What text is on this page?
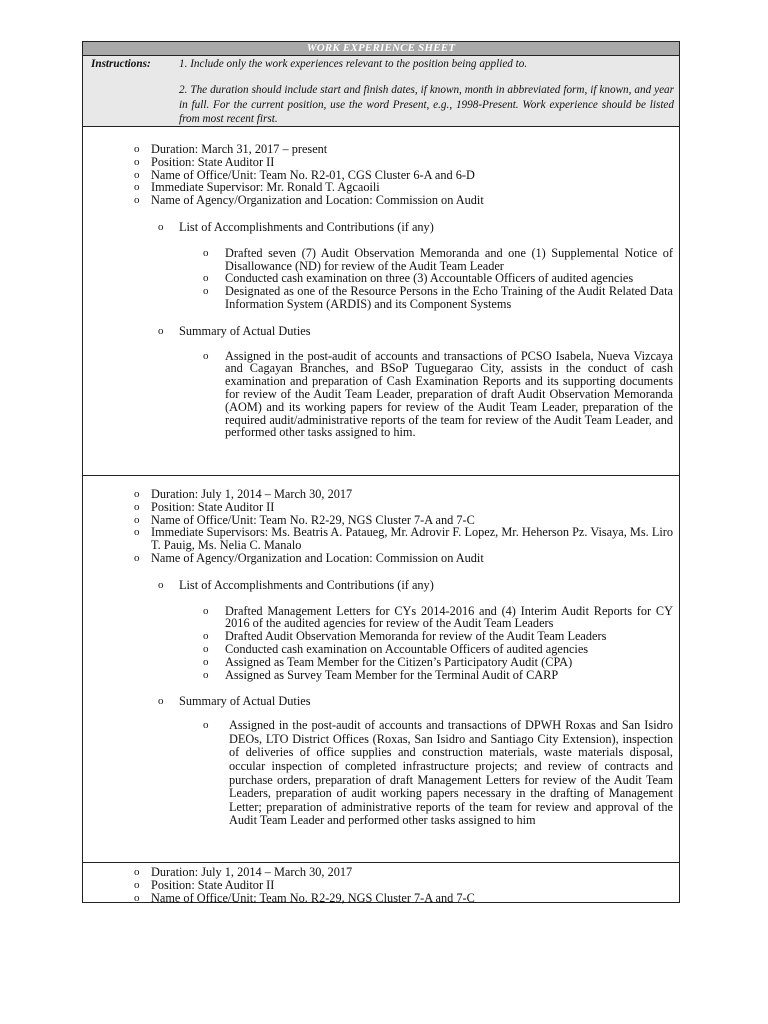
WORK EXPERIENCE SHEET
Instructions:	1. Include only the work experiences relevant to the position being applied to.
2. The duration should include start and finish dates, if known, month in abbreviated form, if known, and year in full. For the current position, use the word Present, e.g., 1998-Present. Work experience should be listed from most recent first.
o Duration: March 31, 2017 – present
o Position: State Auditor II
o Name of Office/Unit: Team No. R2-01, CGS Cluster 6-A and 6-D
o Immediate Supervisor: Mr. Ronald T. Agcaoili
o Name of Agency/Organization and Location: Commission on Audit
o List of Accomplishments and Contributions (if any)
o Drafted seven (7) Audit Observation Memoranda and one (1) Supplemental Notice of Disallowance (ND) for review of the Audit Team Leader
o Conducted cash examination on three (3) Accountable Officers of audited agencies
o Designated as one of the Resource Persons in the Echo Training of the Audit Related Data Information System (ARDIS) and its Component Systems
o Summary of Actual Duties
o Assigned in the post-audit of accounts and transactions of PCSO Isabela, Nueva Vizcaya and Cagayan Branches, and BSoP Tuguegarao City, assists in the conduct of cash examination and preparation of Cash Examination Reports and its supporting documents for review of the Audit Team Leader, preparation of draft Audit Observation Memoranda (AOM) and its working papers for review of the Audit Team Leader, preparation of the required audit/administrative reports of the team for review of the Audit Team Leader, and performed other tasks assigned to him.
o Duration: July 1, 2014 – March 30, 2017
o Position: State Auditor II
o Name of Office/Unit: Team No. R2-29, NGS Cluster 7-A and 7-C
o Immediate Supervisors: Ms. Beatris A. Pataueg, Mr. Adrovir F. Lopez, Mr. Heherson Pz. Visaya, Ms. Liro T. Pauig, Ms. Nelia C. Manalo
o Name of Agency/Organization and Location: Commission on Audit
o List of Accomplishments and Contributions (if any)
o Drafted Management Letters for CYs 2014-2016 and (4) Interim Audit Reports for CY 2016 of the audited agencies for review of the Audit Team Leaders
o Drafted Audit Observation Memoranda for review of the Audit Team Leaders
o Conducted cash examination on Accountable Officers of audited agencies
o Assigned as Team Member for the Citizen’s Participatory Audit (CPA)
o Assigned as Survey Team Member for the Terminal Audit of CARP
o Summary of Actual Duties
o Assigned in the post-audit of accounts and transactions of DPWH Roxas and San Isidro DEOs, LTO District Offices (Roxas, San Isidro and Santiago City Extension), inspection of deliveries of office supplies and construction materials, waste materials disposal, occular inspection of completed infrastructure projects; and review of contracts and purchase orders, preparation of draft Management Letters for review of the Audit Team Leaders, preparation of audit working papers necessary in the drafting of Management Letter; preparation of administrative reports of the team for review and approval of the Audit Team Leader and performed other tasks assigned to him
o Duration: July 1, 2014 – March 30, 2017
o Position: State Auditor II
o Name of Office/Unit: Team No. R2-29, NGS Cluster 7-A and 7-C
